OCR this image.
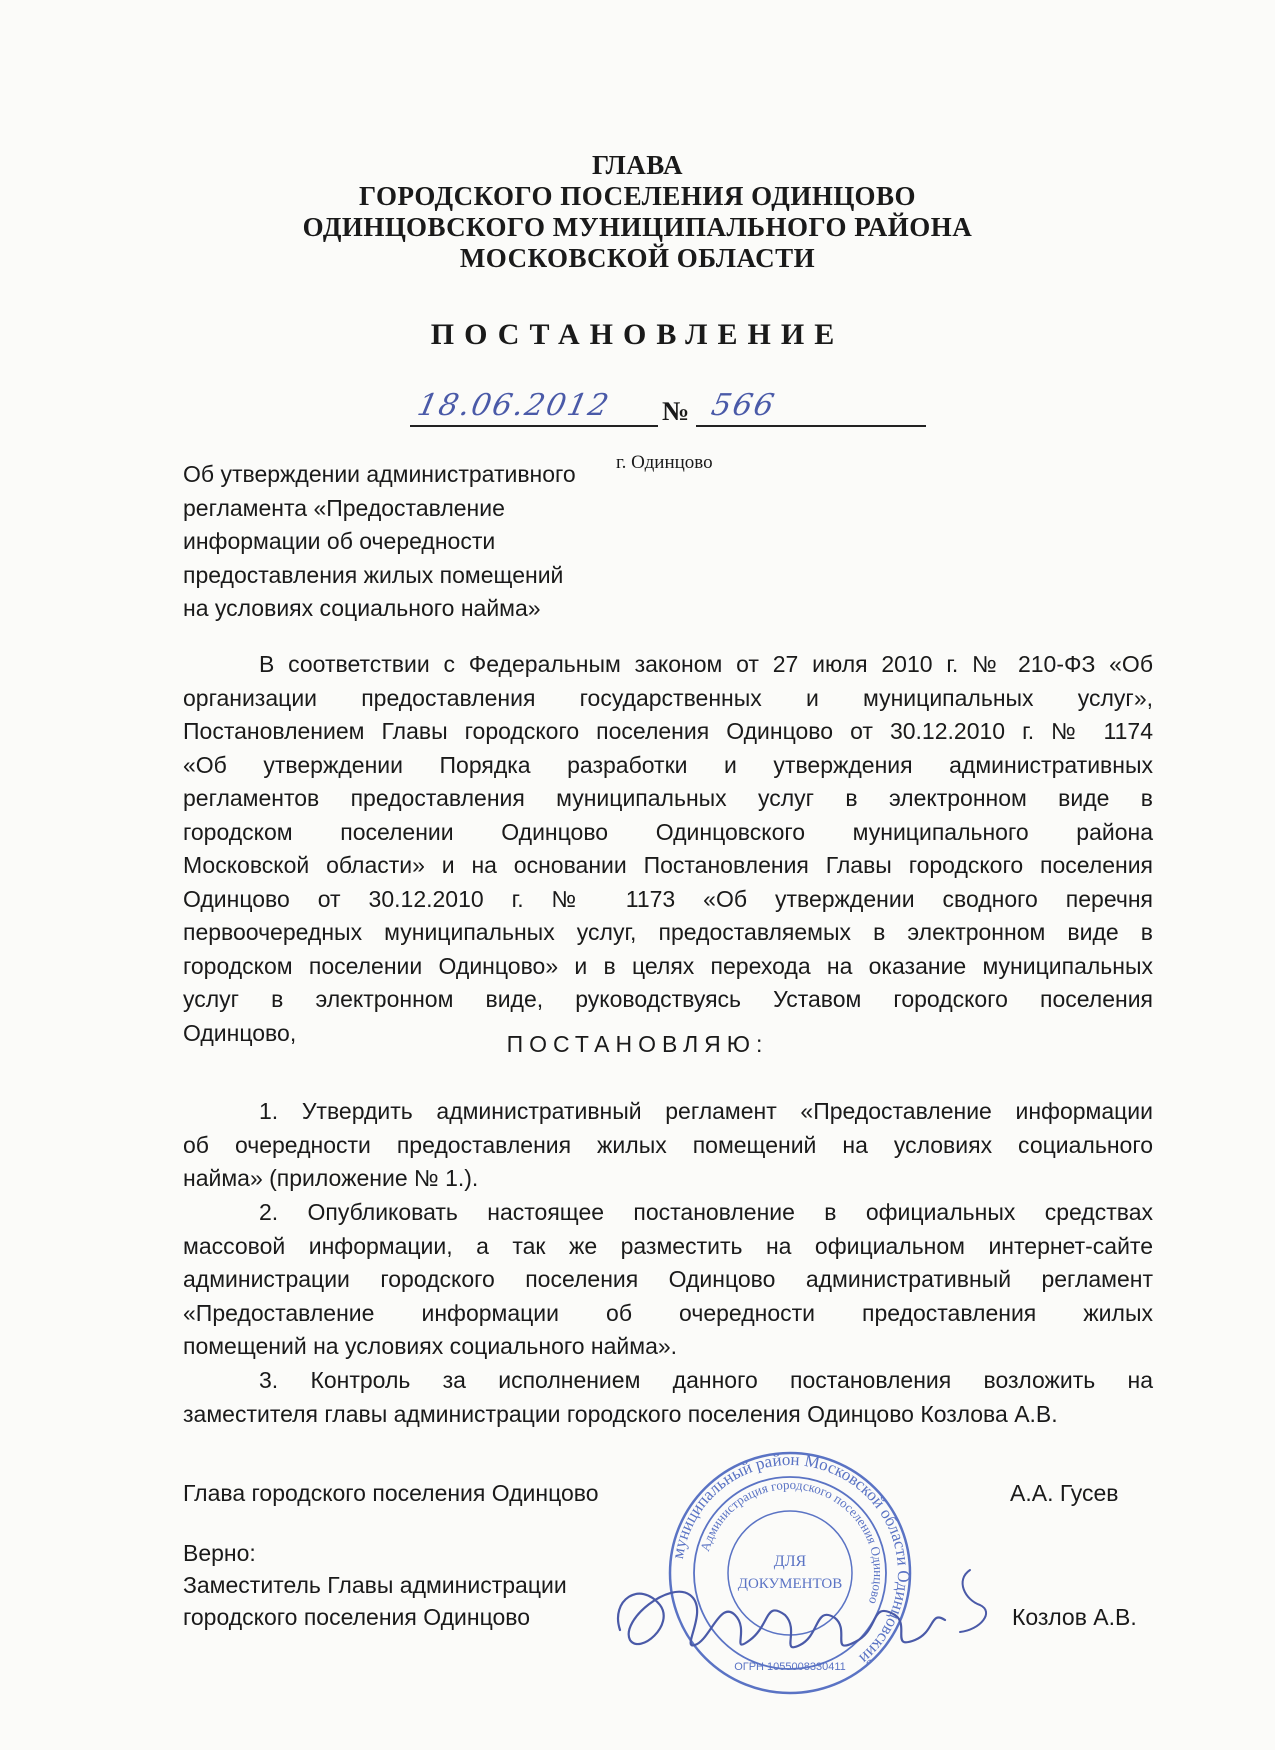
ГЛАВА
ГОРОДСКОГО ПОСЕЛЕНИЯ ОДИНЦОВО
ОДИНЦОВСКОГО МУНИЦИПАЛЬНОГО РАЙОНА
МОСКОВСКОЙ ОБЛАСТИ
ПОСТАНОВЛЕНИЕ
18.06.2012 № 566
г. Одинцово
Об утверждении административного
регламента «Предоставление
информации об очередности
предоставления жилых помещений
на условиях социального найма»
В соответствии с Федеральным законом от 27 июля 2010 г. № 210-ФЗ «Об
организации предоставления государственных и муниципальных услуг»,
Постановлением Главы городского поселения Одинцово от 30.12.2010 г. № 1174
«Об утверждении Порядка разработки и утверждения административных
регламентов предоставления муниципальных услуг в электронном виде в
городском поселении Одинцово Одинцовского муниципального района
Московской области» и на основании Постановления Главы городского поселения
Одинцово от 30.12.2010 г. № 1173 «Об утверждении сводного перечня
первоочередных муниципальных услуг, предоставляемых в электронном виде в
городском поселении Одинцово» и в целях перехода на оказание муниципальных
услуг в электронном виде, руководствуясь Уставом городского поселения
Одинцово,	ПОСТАНОВЛЯЮ:
1. Утвердить административный регламент «Предоставление информации
об очередности предоставления жилых помещений на условиях социального
найма» (приложение № 1.).
2. Опубликовать настоящее постановление в официальных средствах
массовой информации, а так же разместить на официальном интернет-сайте
администрации городского поселения Одинцово административный регламент
«Предоставление информации об очередности предоставления жилых
помещений на условиях социального найма».
3. Контроль за исполнением данного постановления возложить на
заместителя главы администрации городского поселения Одинцово Козлова А.В.
Глава городского поселения Одинцово	А.А. Гусев
Верно:
Заместитель Главы администрации
городского поселения Одинцово	Козлов А.В.
муниципальный район Московской области Одинцовский
Администрация городского поселения Одинцово
ДЛЯ
ДОКУМЕНТОВ
ОГРН 1055008330411
